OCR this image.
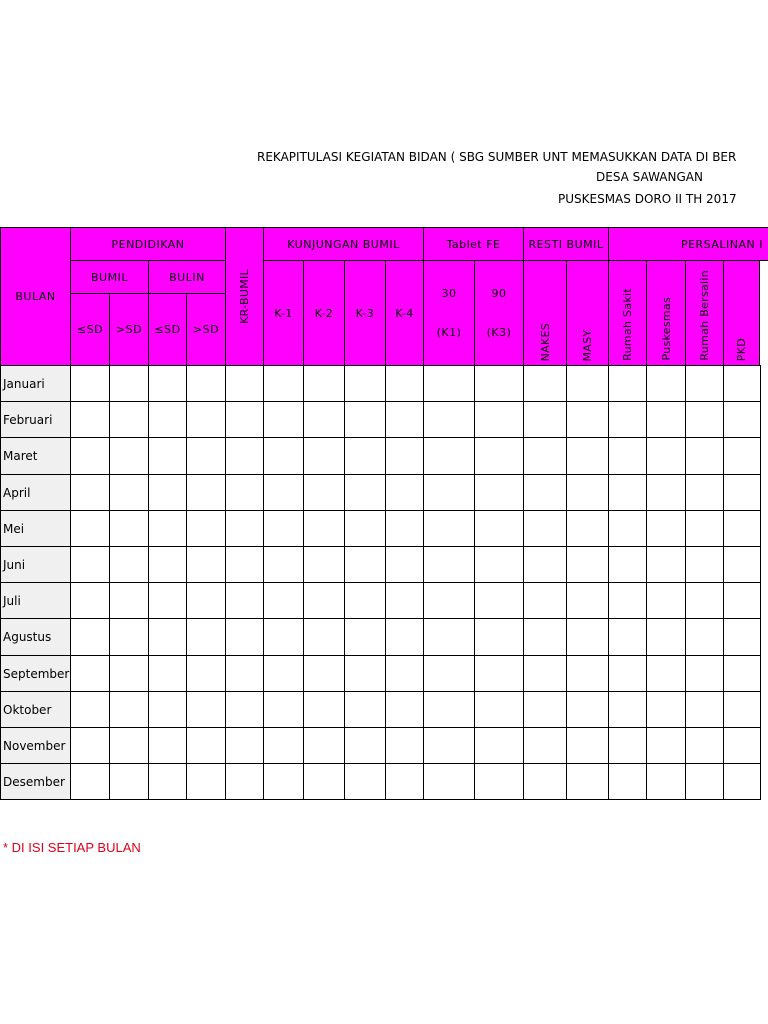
REKAPITULASI KEGIATAN BIDAN ( SBG SUMBER UNT MEMASUKKAN DATA DI BER
DESA SAWANGAN
PUSKESMAS DORO II TH 2017
BULAN
PENDIDIKAN
BUMIL	BULIN
≤SD >SD ≤SD >SD
KR-BUMIL
KUNJUNGAN BUMIL
K-1 K-2 K-3 K-4
Tablet FE
30
(K1)
90
(K3)
RESTI BUMIL
NAKES	MASY.
PERSALINAN I
Rumah Sakit Puskesmas Rumah Bersalin PKD
Januari
Februari
Maret
April
Mei
Juni
Juli
Agustus
September
Oktober
November
Desember
* DI ISI SETIAP BULAN
